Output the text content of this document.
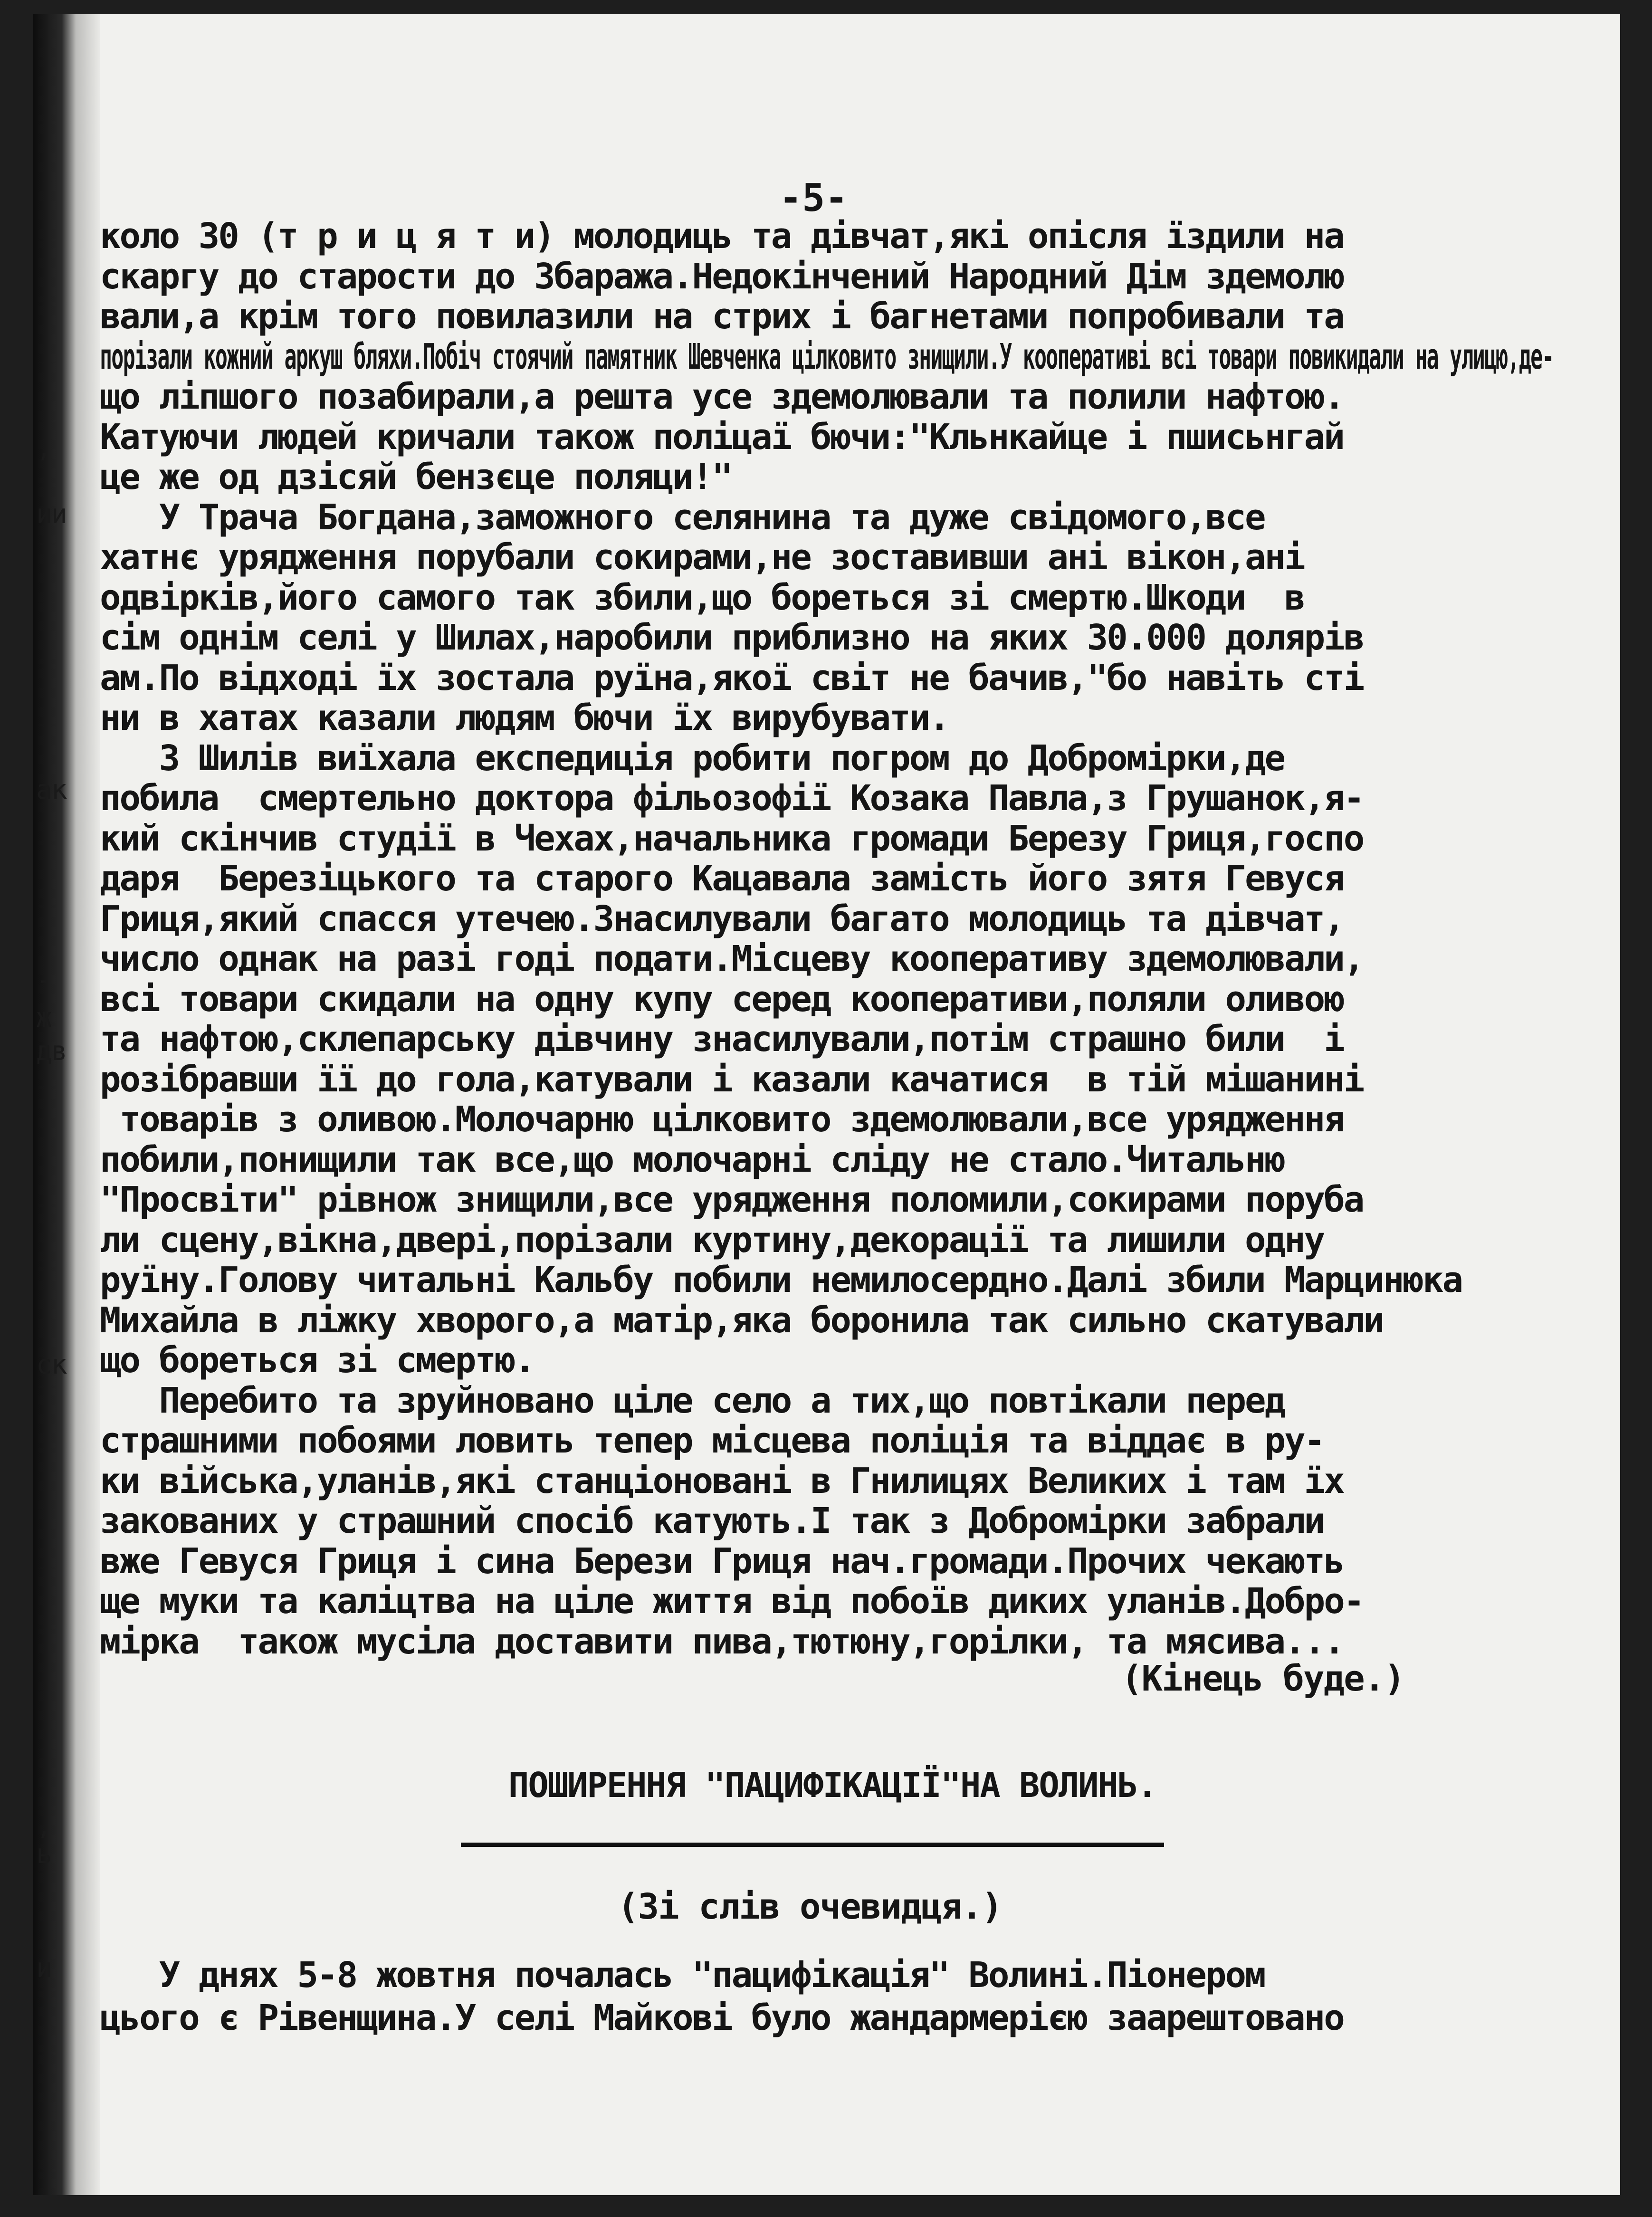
,
ии
ак
-
ж
дв
ск
,
ь
и
-5-
коло 30 (т р и ц я т и) молодиць та дівчат,які опісля їздили на
скаргу до старости до Збаража.Недокінчений Народний Дім здемолю
вали,а крім того повилазили на стрих і багнетами попробивали та
порізали кожний аркуш бляхи.Побіч стоячий памятник Шевченка цілковито знищили.У кооперативі всі товари повикидали на улицю,де-
що ліпшого позабирали,а решта усе здемолювали та полили нафтою.
Катуючи людей кричали також поліцаї бючи:"Кльнкайце і пшисьнгай
це же од дзісяй бензєце поляци!"
У Трача Богдана,заможного селянина та дуже свідомого,все
хатнє урядження порубали сокирами,не зоставивши ані вікон,ані
одвірків,його самого так збили,що бореться зі смертю.Шкоди  в
сім однім селі у Шилах,наробили приблизно на яких 30.000 долярів
ам.По відході їх зостала руїна,якої світ не бачив,"бо навіть сті
ни в хатах казали людям бючи їх вирубувати.
З Шилів виїхала експедиція робити погром до Добромірки,де
побила  смертельно доктора фільозофії Козака Павла,з Грушанок,я-
кий скінчив студії в Чехах,начальника громади Березу Гриця,госпо
даря  Березіцького та старого Кацавала замість його зятя Гевуся
Гриця,який спасся утечею.Знасилували багато молодиць та дівчат,
число однак на разі годі подати.Місцеву кооперативу здемолювали,
всі товари скидали на одну купу серед кооперативи,поляли оливою
та нафтою,склепарську дівчину знасилували,потім страшно били  і
розібравши її до гола,катували і казали качатися  в тій мішанині
товарів з оливою.Молочарню цілковито здемолювали,все урядження
побили,понищили так все,що молочарні сліду не стало.Читальню
"Просвіти" рівнож знищили,все урядження поломили,сокирами поруба
ли сцену,вікна,двері,порізали куртину,декорації та лишили одну
руїну.Голову читальні Кальбу побили немилосердно.Далі збили Марцинюка
Михайла в ліжку хворого,а матір,яка боронила так сильно скатували
що бореться зі смертю.
Перебито та зруйновано ціле село а тих,що повтікали перед
страшними побоями ловить тепер місцева поліція та віддає в ру-
ки війська,уланів,які станціоновані в Гнилицях Великих і там їх
закованих у страшний спосіб катують.І так з Добромірки забрали
вже Гевуся Гриця і сина Берези Гриця нач.громади.Прочих чекають
ще муки та каліцтва на ціле життя від побоїв диких уланів.Добро-
мірка  також мусіла доставити пива,тютюну,горілки, та мясива...
(Кінець буде.)
ПОШИРЕННЯ "ПАЦИФІКАЦІЇ"НА ВОЛИНЬ.
(Зі слів очевидця.)
У днях 5-8 жовтня почалась "пацифікація" Волині.Піонером
цього є Рівенщина.У селі Майкові було жандармерією заарештовано
